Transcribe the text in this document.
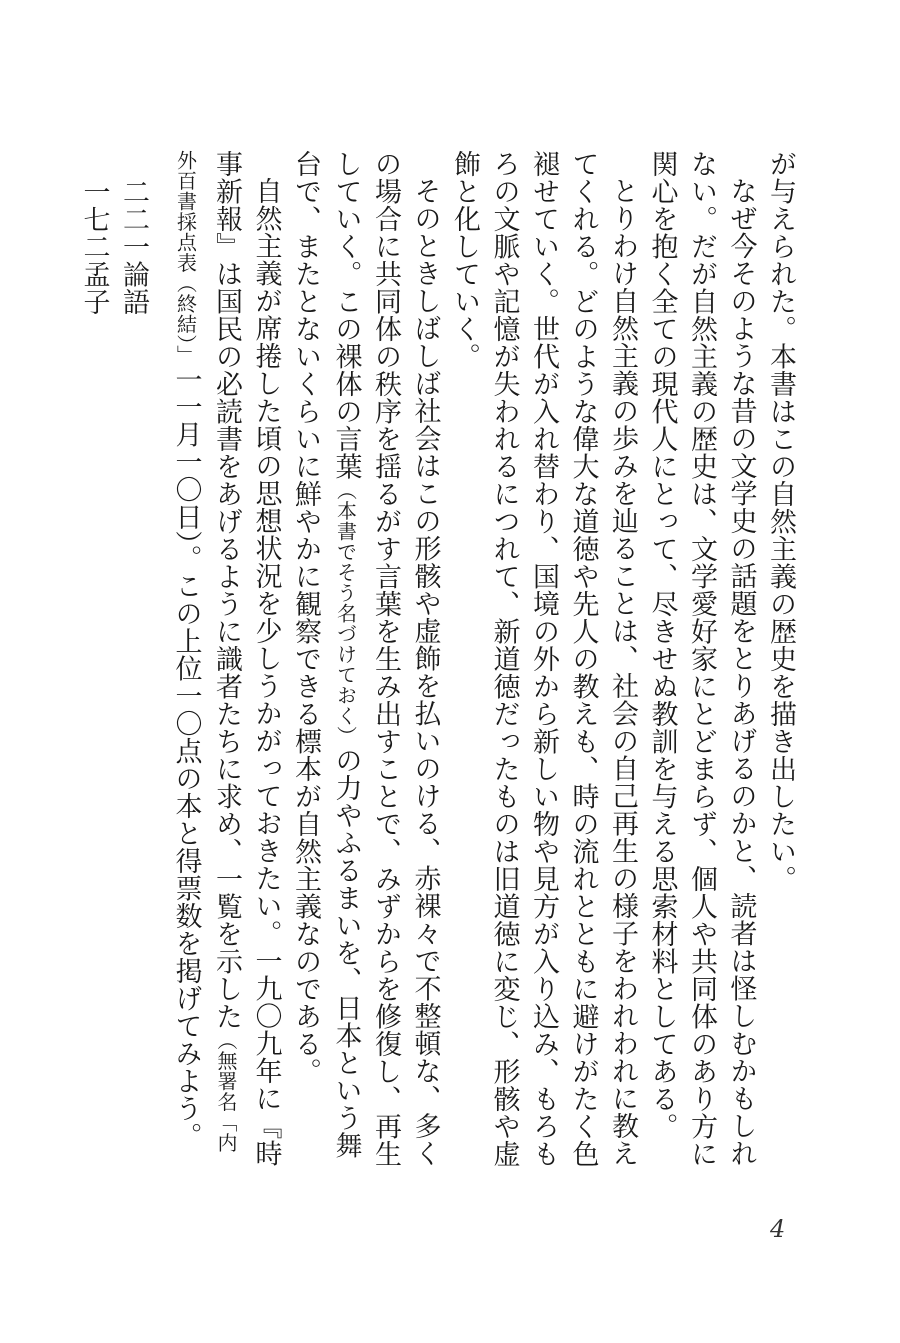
が与えられた。本書はこの自然主義の歴史を描き出したい。

なぜ今そのような昔の文学史の話題をとりあげるのかと、読者は怪しむかもしれない。だが自然主義の歴史は、文学愛好家にとどまらず、個人や共同体のあり方に関心を抱く全ての現代人にとって、尽きせぬ教訓を与える思索材料としてある。

とりわけ自然主義の歩みを辿ることは、社会の自己再生の様子をわれわれに教えてくれる。どのような偉大な道徳や先人の教えも、時の流れとともに避けがたく色褪せていく。世代が入れ替わり、国境の外から新しい物や見方が入り込み、もろもろの文脈や記憶が失われるにつれて、新道徳だったものは旧道徳に変じ、形骸や虚飾と化していく。

そのときしばしば社会はこの形骸や虚飾を払いのける、赤裸々で不整頓な、多くの場合に共同体の秩序を揺るがす言葉を生み出すことで、みずからを修復し、再生していく。この裸体の言葉（本書でそう名づけておく）の力やふるまいを、日本という舞台で、またとないくらいに鮮やかに観察できる標本が自然主義なのである。

自然主義が席捲した頃の思想状況を少しうかがっておきたい。一九〇九年に『時事新報』は国民の必読書をあげるように識者たちに求め、一覧を示した（無署名「内外百書採点表（終結）」一一月一〇日）。この上位一〇点の本と得票数を掲げてみよう。

二二一論語
一七二孟子
4
